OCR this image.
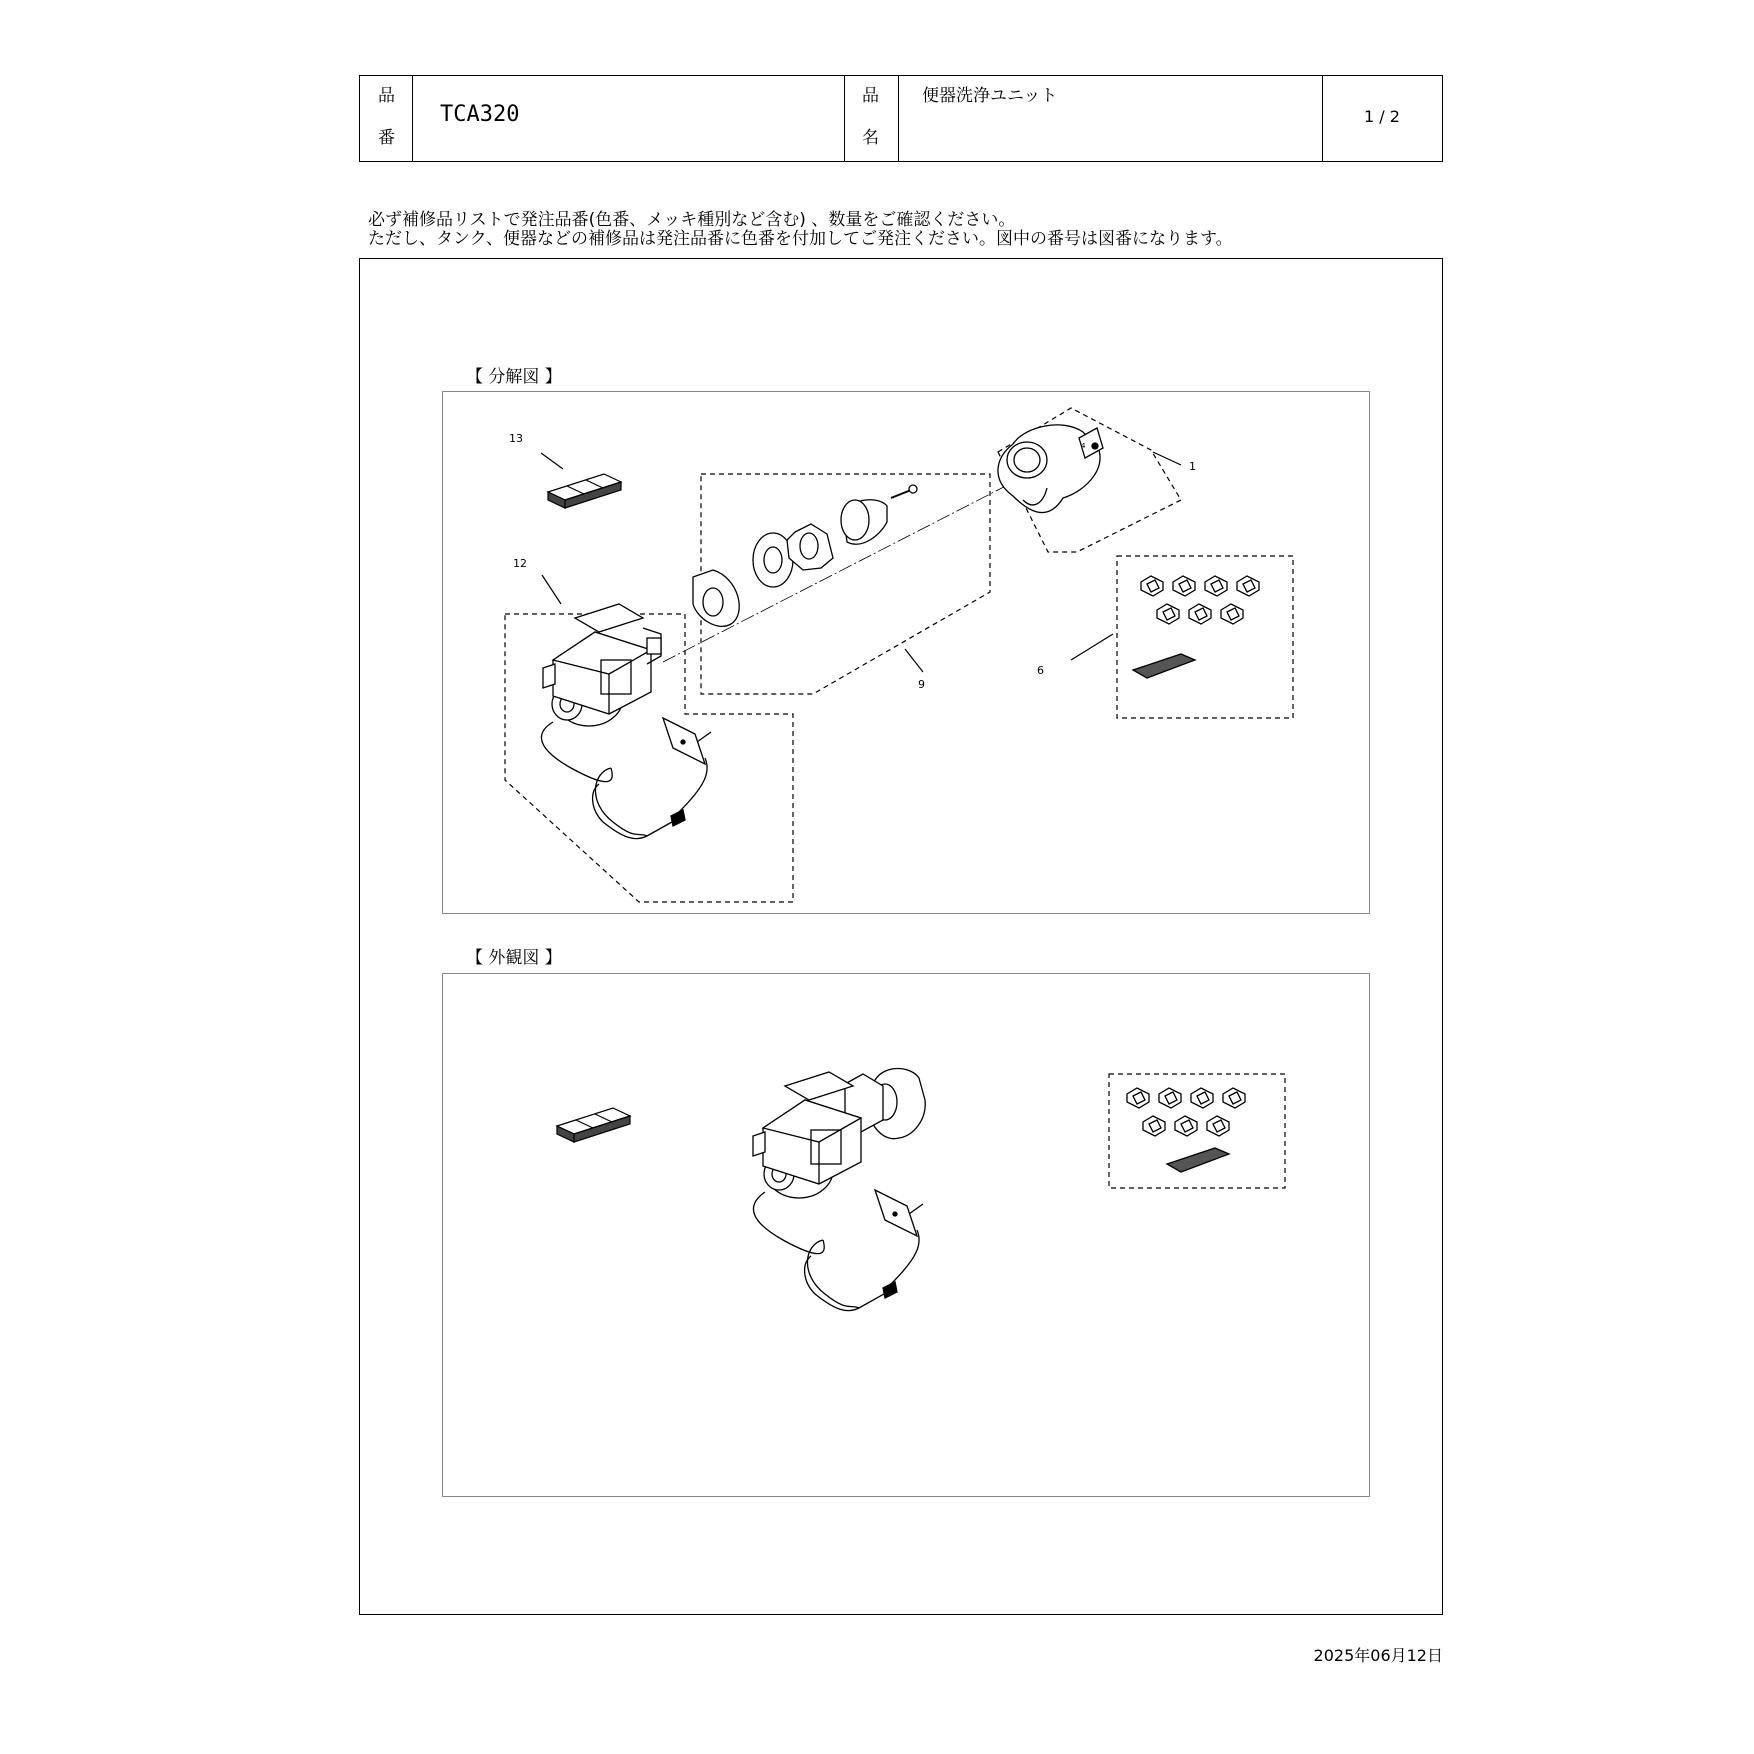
品
番
TCA320
品
名
便器洗浄ユニット
1 / 2
必ず補修品リストで発注品番(色番、メッキ種別など含む) 、数量をご確認ください。
ただし、タンク、便器などの補修品は発注品番に色番を付加してご発注ください。図中の番号は図番になります。
【 分解図 】
4
13
12
1
9
6
【 外観図 】
2025年06月12日
